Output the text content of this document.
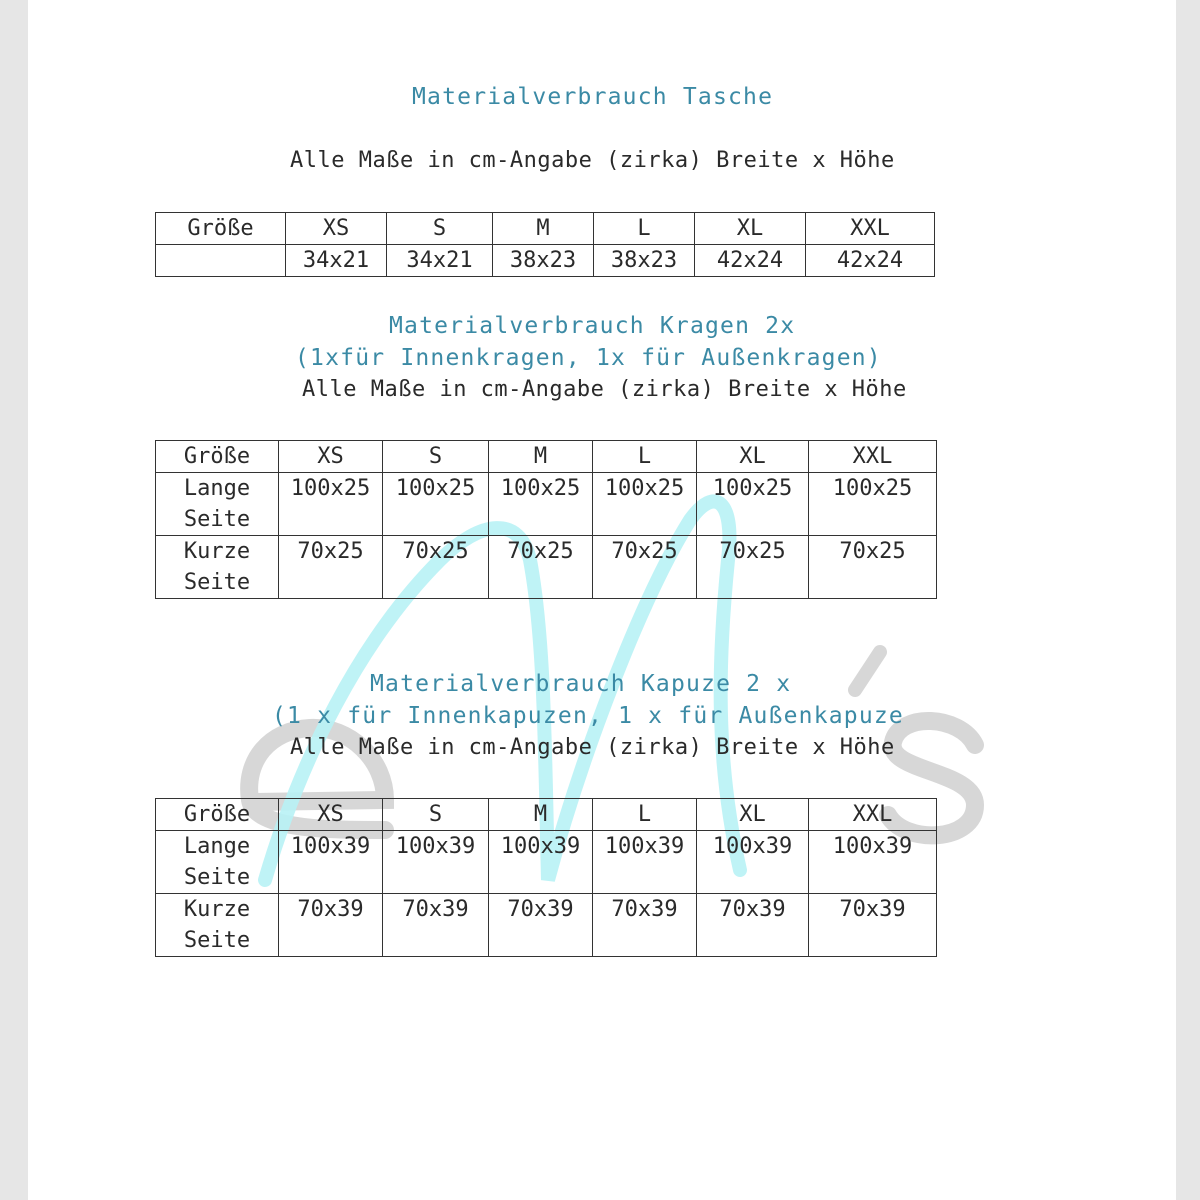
Materialverbrauch Tasche

Alle Maße in cm-Angabe (zirka) Breite x Höhe

Größe	XS	S	M	L	XL	XXL
	34x21	34x21	38x23	38x23	42x24	42x24
Materialverbrauch Kragen 2x
(1xfür Innenkragen, 1x für Außenkragen)

Alle Maße in cm-Angabe (zirka) Breite x Höhe

Größe	XS	S	M	L	XL	XXL
Lange
Seite	100x25	100x25	100x25	100x25	100x25	100x25
Kurze
Seite	70x25	70x25	70x25	70x25	70x25	70x25
Materialverbrauch Kapuze 2 x
(1 x für Innenkapuzen, 1 x für Außenkapuze

Alle Maße in cm-Angabe (zirka) Breite x Höhe

Größe	XS	S	M	L	XL	XXL
Lange
Seite	100x39	100x39	100x39	100x39	100x39	100x39
Kurze
Seite	70x39	70x39	70x39	70x39	70x39	70x39
